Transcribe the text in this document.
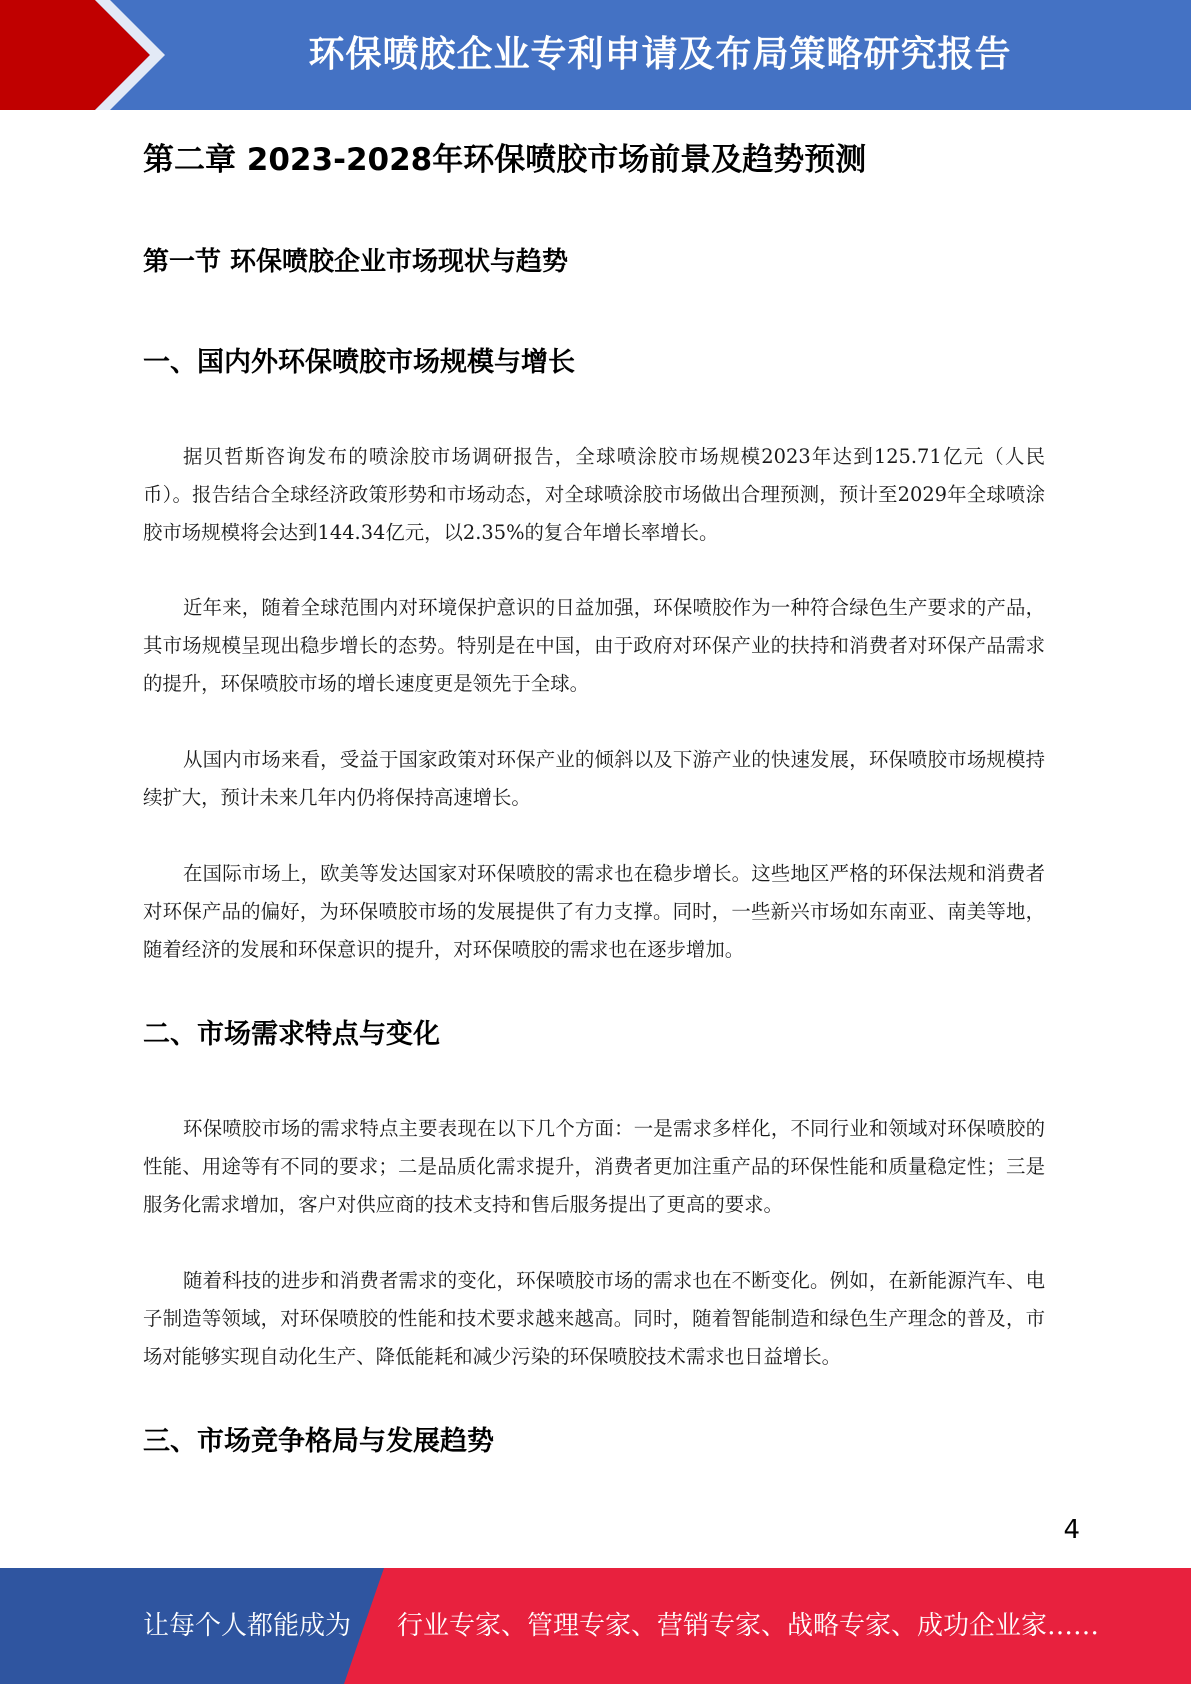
环保喷胶企业专利申请及布局策略研究报告
第二章 2023-2028年环保喷胶市场前景及趋势预测
第一节 环保喷胶企业市场现状与趋势
一、国内外环保喷胶市场规模与增长

据贝哲斯咨询发布的喷涂胶市场调研报告，全球喷涂胶市场规模2023年达到125.71亿元（人民币）。报告结合全球经济政策形势和市场动态，对全球喷涂胶市场做出合理预测，预计至2029年全球喷涂胶市场规模将会达到144.34亿元，以2.35%的复合年增长率增长。

近年来，随着全球范围内对环境保护意识的日益加强，环保喷胶作为一种符合绿色生产要求的产品，其市场规模呈现出稳步增长的态势。特别是在中国，由于政府对环保产业的扶持和消费者对环保产品需求的提升，环保喷胶市场的增长速度更是领先于全球。

从国内市场来看，受益于国家政策对环保产业的倾斜以及下游产业的快速发展，环保喷胶市场规模持续扩大，预计未来几年内仍将保持高速增长。

在国际市场上，欧美等发达国家对环保喷胶的需求也在稳步增长。这些地区严格的环保法规和消费者对环保产品的偏好，为环保喷胶市场的发展提供了有力支撑。同时，一些新兴市场如东南亚、南美等地，随着经济的发展和环保意识的提升，对环保喷胶的需求也在逐步增加。

二、市场需求特点与变化

环保喷胶市场的需求特点主要表现在以下几个方面：一是需求多样化，不同行业和领域对环保喷胶的性能、用途等有不同的要求；二是品质化需求提升，消费者更加注重产品的环保性能和质量稳定性；三是服务化需求增加，客户对供应商的技术支持和售后服务提出了更高的要求。

随着科技的进步和消费者需求的变化，环保喷胶市场的需求也在不断变化。例如，在新能源汽车、电子制造等领域，对环保喷胶的性能和技术要求越来越高。同时，随着智能制造和绿色生产理念的普及，市场对能够实现自动化生产、降低能耗和减少污染的环保喷胶技术需求也日益增长。

三、市场竞争格局与发展趋势
4
让每个人都能成为 行业专家、管理专家、营销专家、战略专家、成功企业家……
